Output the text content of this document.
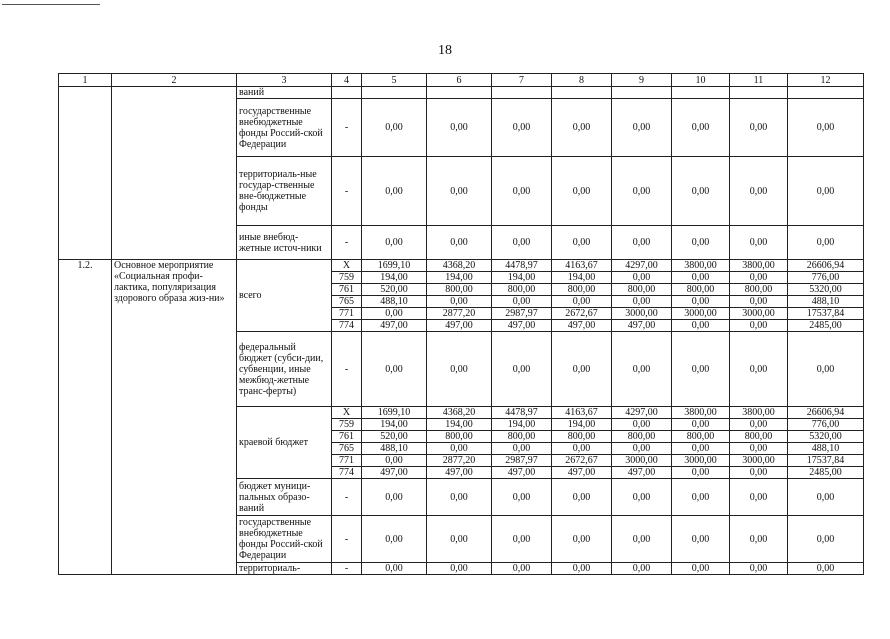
18
1	2	3	4	5	6	7	8	9	10	11	12
		ваний									
		государственные внебюджетные фонды Россий-ской Федерации	-	0,00	0,00	0,00	0,00	0,00	0,00	0,00	0,00
		территориаль-ные государ-ственные вне-бюджетные фонды	-	0,00	0,00	0,00	0,00	0,00	0,00	0,00	0,00
		иные внебюд-жетные источ-ники	-	0,00	0,00	0,00	0,00	0,00	0,00	0,00	0,00
1.2.	Основное мероприятие «Социальная профи-лактика, популяризация здорового образа жиз-ни»	всего	X	1699,10	4368,20	4478,97	4163,67	4297,00	3800,00	3800,00	26606,94
			759	194,00	194,00	194,00	194,00	0,00	0,00	0,00	776,00
			761	520,00	800,00	800,00	800,00	800,00	800,00	800,00	5320,00
			765	488,10	0,00	0,00	0,00	0,00	0,00	0,00	488,10
			771	0,00	2877,20	2987,97	2672,67	3000,00	3000,00	3000,00	17537,84
			774	497,00	497,00	497,00	497,00	497,00	0,00	0,00	2485,00
		федеральный бюджет (субси-дии, субвенции, иные межбюд-жетные транс-ферты)	-	0,00	0,00	0,00	0,00	0,00	0,00	0,00	0,00
		краевой бюджет	X	1699,10	4368,20	4478,97	4163,67	4297,00	3800,00	3800,00	26606,94
			759	194,00	194,00	194,00	194,00	0,00	0,00	0,00	776,00
			761	520,00	800,00	800,00	800,00	800,00	800,00	800,00	5320,00
			765	488,10	0,00	0,00	0,00	0,00	0,00	0,00	488,10
			771	0,00	2877,20	2987,97	2672,67	3000,00	3000,00	3000,00	17537,84
			774	497,00	497,00	497,00	497,00	497,00	0,00	0,00	2485,00
		бюджет муници-пальных образо-ваний	-	0,00	0,00	0,00	0,00	0,00	0,00	0,00	0,00
		государственные внебюджетные фонды Россий-ской Федерации	-	0,00	0,00	0,00	0,00	0,00	0,00	0,00	0,00
		территориаль-	-	0,00	0,00	0,00	0,00	0,00	0,00	0,00	0,00
